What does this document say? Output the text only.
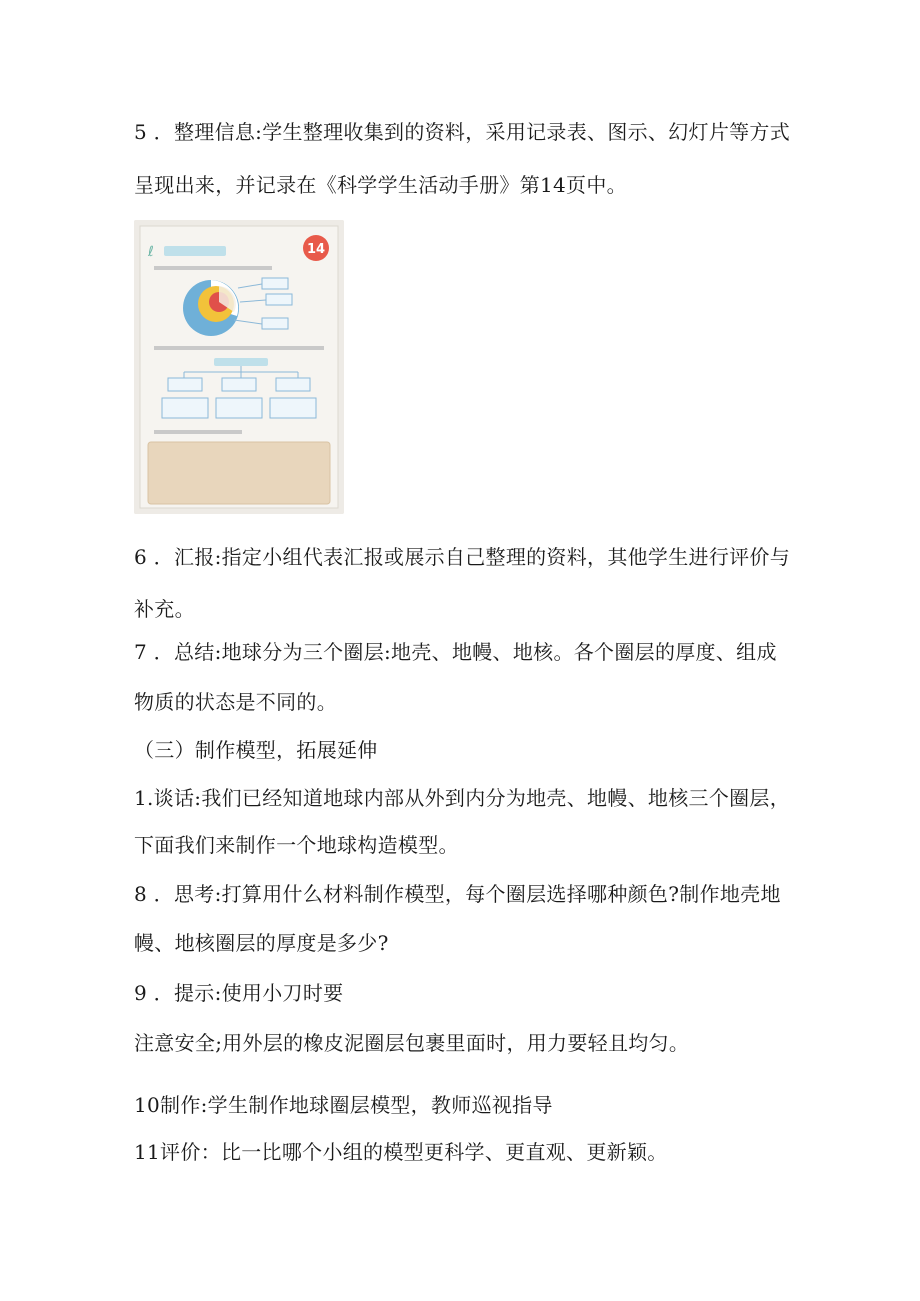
5 ．整理信息:学生整理收集到的资料，采用记录表、图示、幻灯片等方式
呈现出来，并记录在《科学学生活动手册》第14页中。
ℓ	14
6 ．汇报:指定小组代表汇报或展示自己整理的资料，其他学生进行评价与
补充。
7 ．总结:地球分为三个圈层:地壳、地幔、地核。各个圈层的厚度、组成
物质的状态是不同的。
（三）制作模型，拓展延伸
1.谈话:我们已经知道地球内部从外到内分为地壳、地幔、地核三个圈层，
下面我们来制作一个地球构造模型。
8 ．思考:打算用什么材料制作模型，每个圈层选择哪种颜色?制作地壳地
幔、地核圈层的厚度是多少?
9 ．提示:使用小刀时要
注意安全;用外层的橡皮泥圈层包裹里面时，用力要轻且均匀。
10制作:学生制作地球圈层模型，教师巡视指导
11评价：比一比哪个小组的模型更科学、更直观、更新颖。
